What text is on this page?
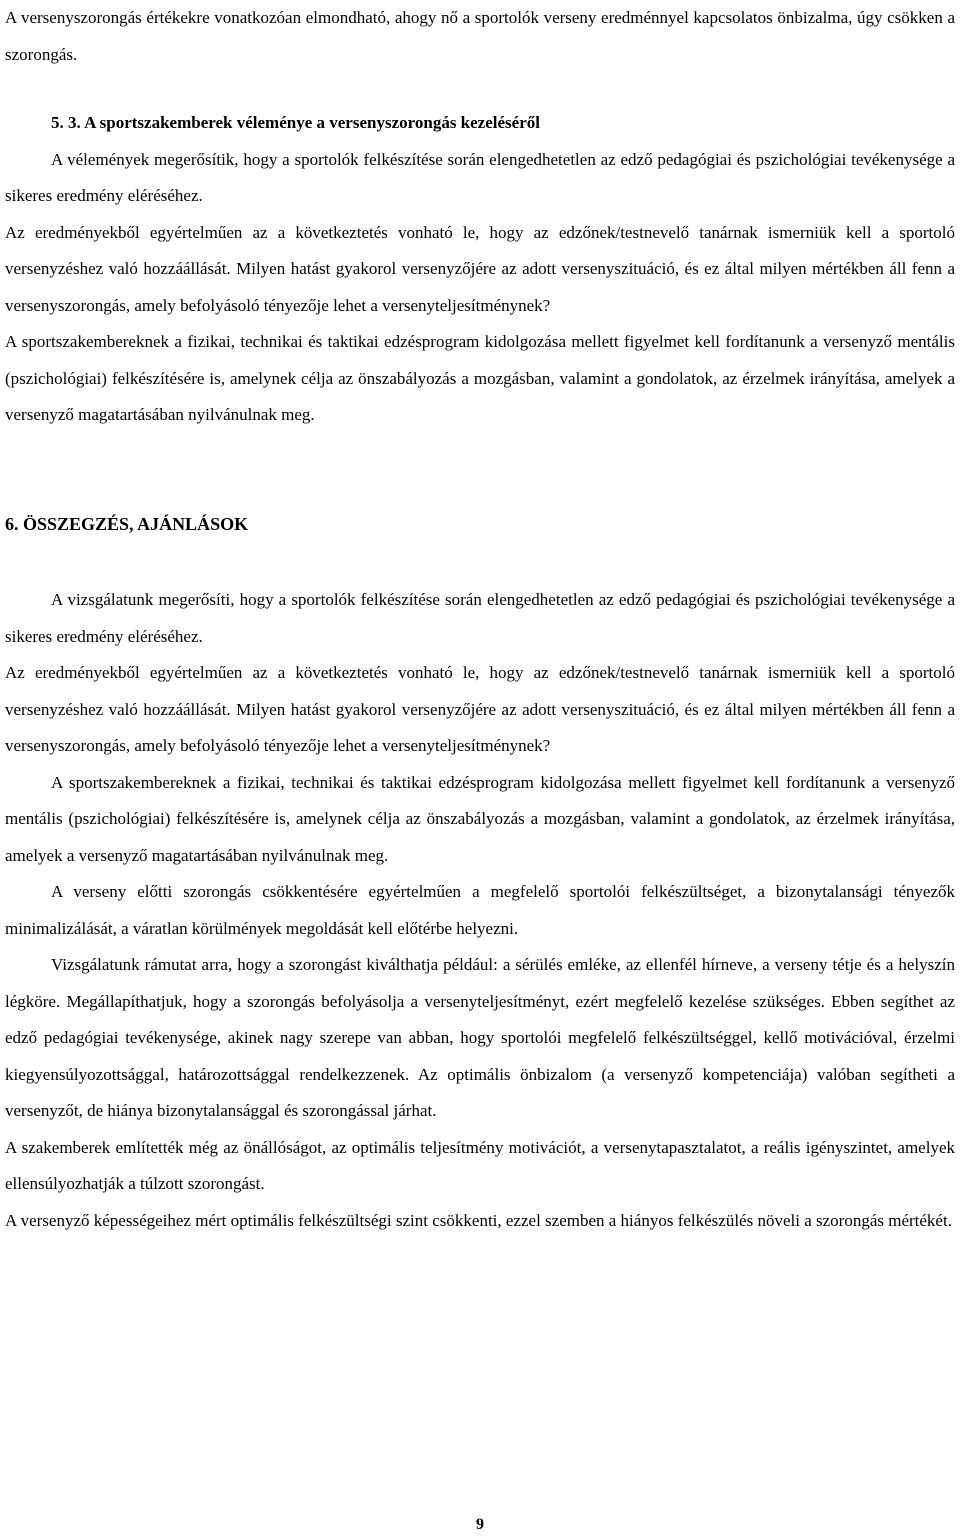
A versenyszorongás értékekre vonatkozóan elmondható, ahogy nő a sportolók verseny eredménnyel kapcsolatos önbizalma, úgy csökken a szorongás.

5. 3. A sportszakemberek véleménye a versenyszorongás kezeléséről

A vélemények megerősítik, hogy a sportolók felkészítése során elengedhetetlen az edző pedagógiai és pszichológiai tevékenysége a sikeres eredmény eléréséhez.

Az eredményekből egyértelműen az a következtetés vonható le, hogy az edzőnek/testnevelő tanárnak ismerniük kell a sportoló versenyzéshez való hozzáállását. Milyen hatást gyakorol versenyzőjére az adott versenyszituáció, és ez által milyen mértékben áll fenn a versenyszorongás, amely befolyásoló tényezője lehet a versenyteljesítménynek?

A sportszakembereknek a fizikai, technikai és taktikai edzésprogram kidolgozása mellett figyelmet kell fordítanunk a versenyző mentális (pszichológiai) felkészítésére is, amelynek célja az önszabályozás a mozgásban, valamint a gondolatok, az érzelmek irányítása, amelyek a versenyző magatartásában nyilvánulnak meg.

6. ÖSSZEGZÉS, AJÁNLÁSOK

A vizsgálatunk megerősíti, hogy a sportolók felkészítése során elengedhetetlen az edző pedagógiai és pszichológiai tevékenysége a sikeres eredmény eléréséhez.

Az eredményekből egyértelműen az a következtetés vonható le, hogy az edzőnek/testnevelő tanárnak ismerniük kell a sportoló versenyzéshez való hozzáállását. Milyen hatást gyakorol versenyzőjére az adott versenyszituáció, és ez által milyen mértékben áll fenn a versenyszorongás, amely befolyásoló tényezője lehet a versenyteljesítménynek?

A sportszakembereknek a fizikai, technikai és taktikai edzésprogram kidolgozása mellett figyelmet kell fordítanunk a versenyző mentális (pszichológiai) felkészítésére is, amelynek célja az önszabályozás a mozgásban, valamint a gondolatok, az érzelmek irányítása, amelyek a versenyző magatartásában nyilvánulnak meg.

A verseny előtti szorongás csökkentésére egyértelműen a megfelelő sportolói felkészültséget, a bizonytalansági tényezők minimalizálását, a váratlan körülmények megoldását kell előtérbe helyezni.

Vizsgálatunk rámutat arra, hogy a szorongást kiválthatja például: a sérülés emléke, az ellenfél hírneve, a verseny tétje és a helyszín légköre. Megállapíthatjuk, hogy a szorongás befolyásolja a versenyteljesítményt, ezért megfelelő kezelése szükséges. Ebben segíthet az edző pedagógiai tevékenysége, akinek nagy szerepe van abban, hogy sportolói megfelelő felkészültséggel, kellő motivációval, érzelmi kiegyensúlyozottsággal, határozottsággal rendelkezzenek. Az optimális önbizalom (a versenyző kompetenciája) valóban segítheti a versenyzőt, de hiánya bizonytalansággal és szorongással járhat.

A szakemberek említették még az önállóságot, az optimális teljesítmény motivációt, a versenytapasztalatot, a reális igényszintet, amelyek ellensúlyozhatják a túlzott szorongást.

A versenyző képességeihez mért optimális felkészültségi szint csökkenti, ezzel szemben a hiányos felkészülés növeli a szorongás mértékét.

9
